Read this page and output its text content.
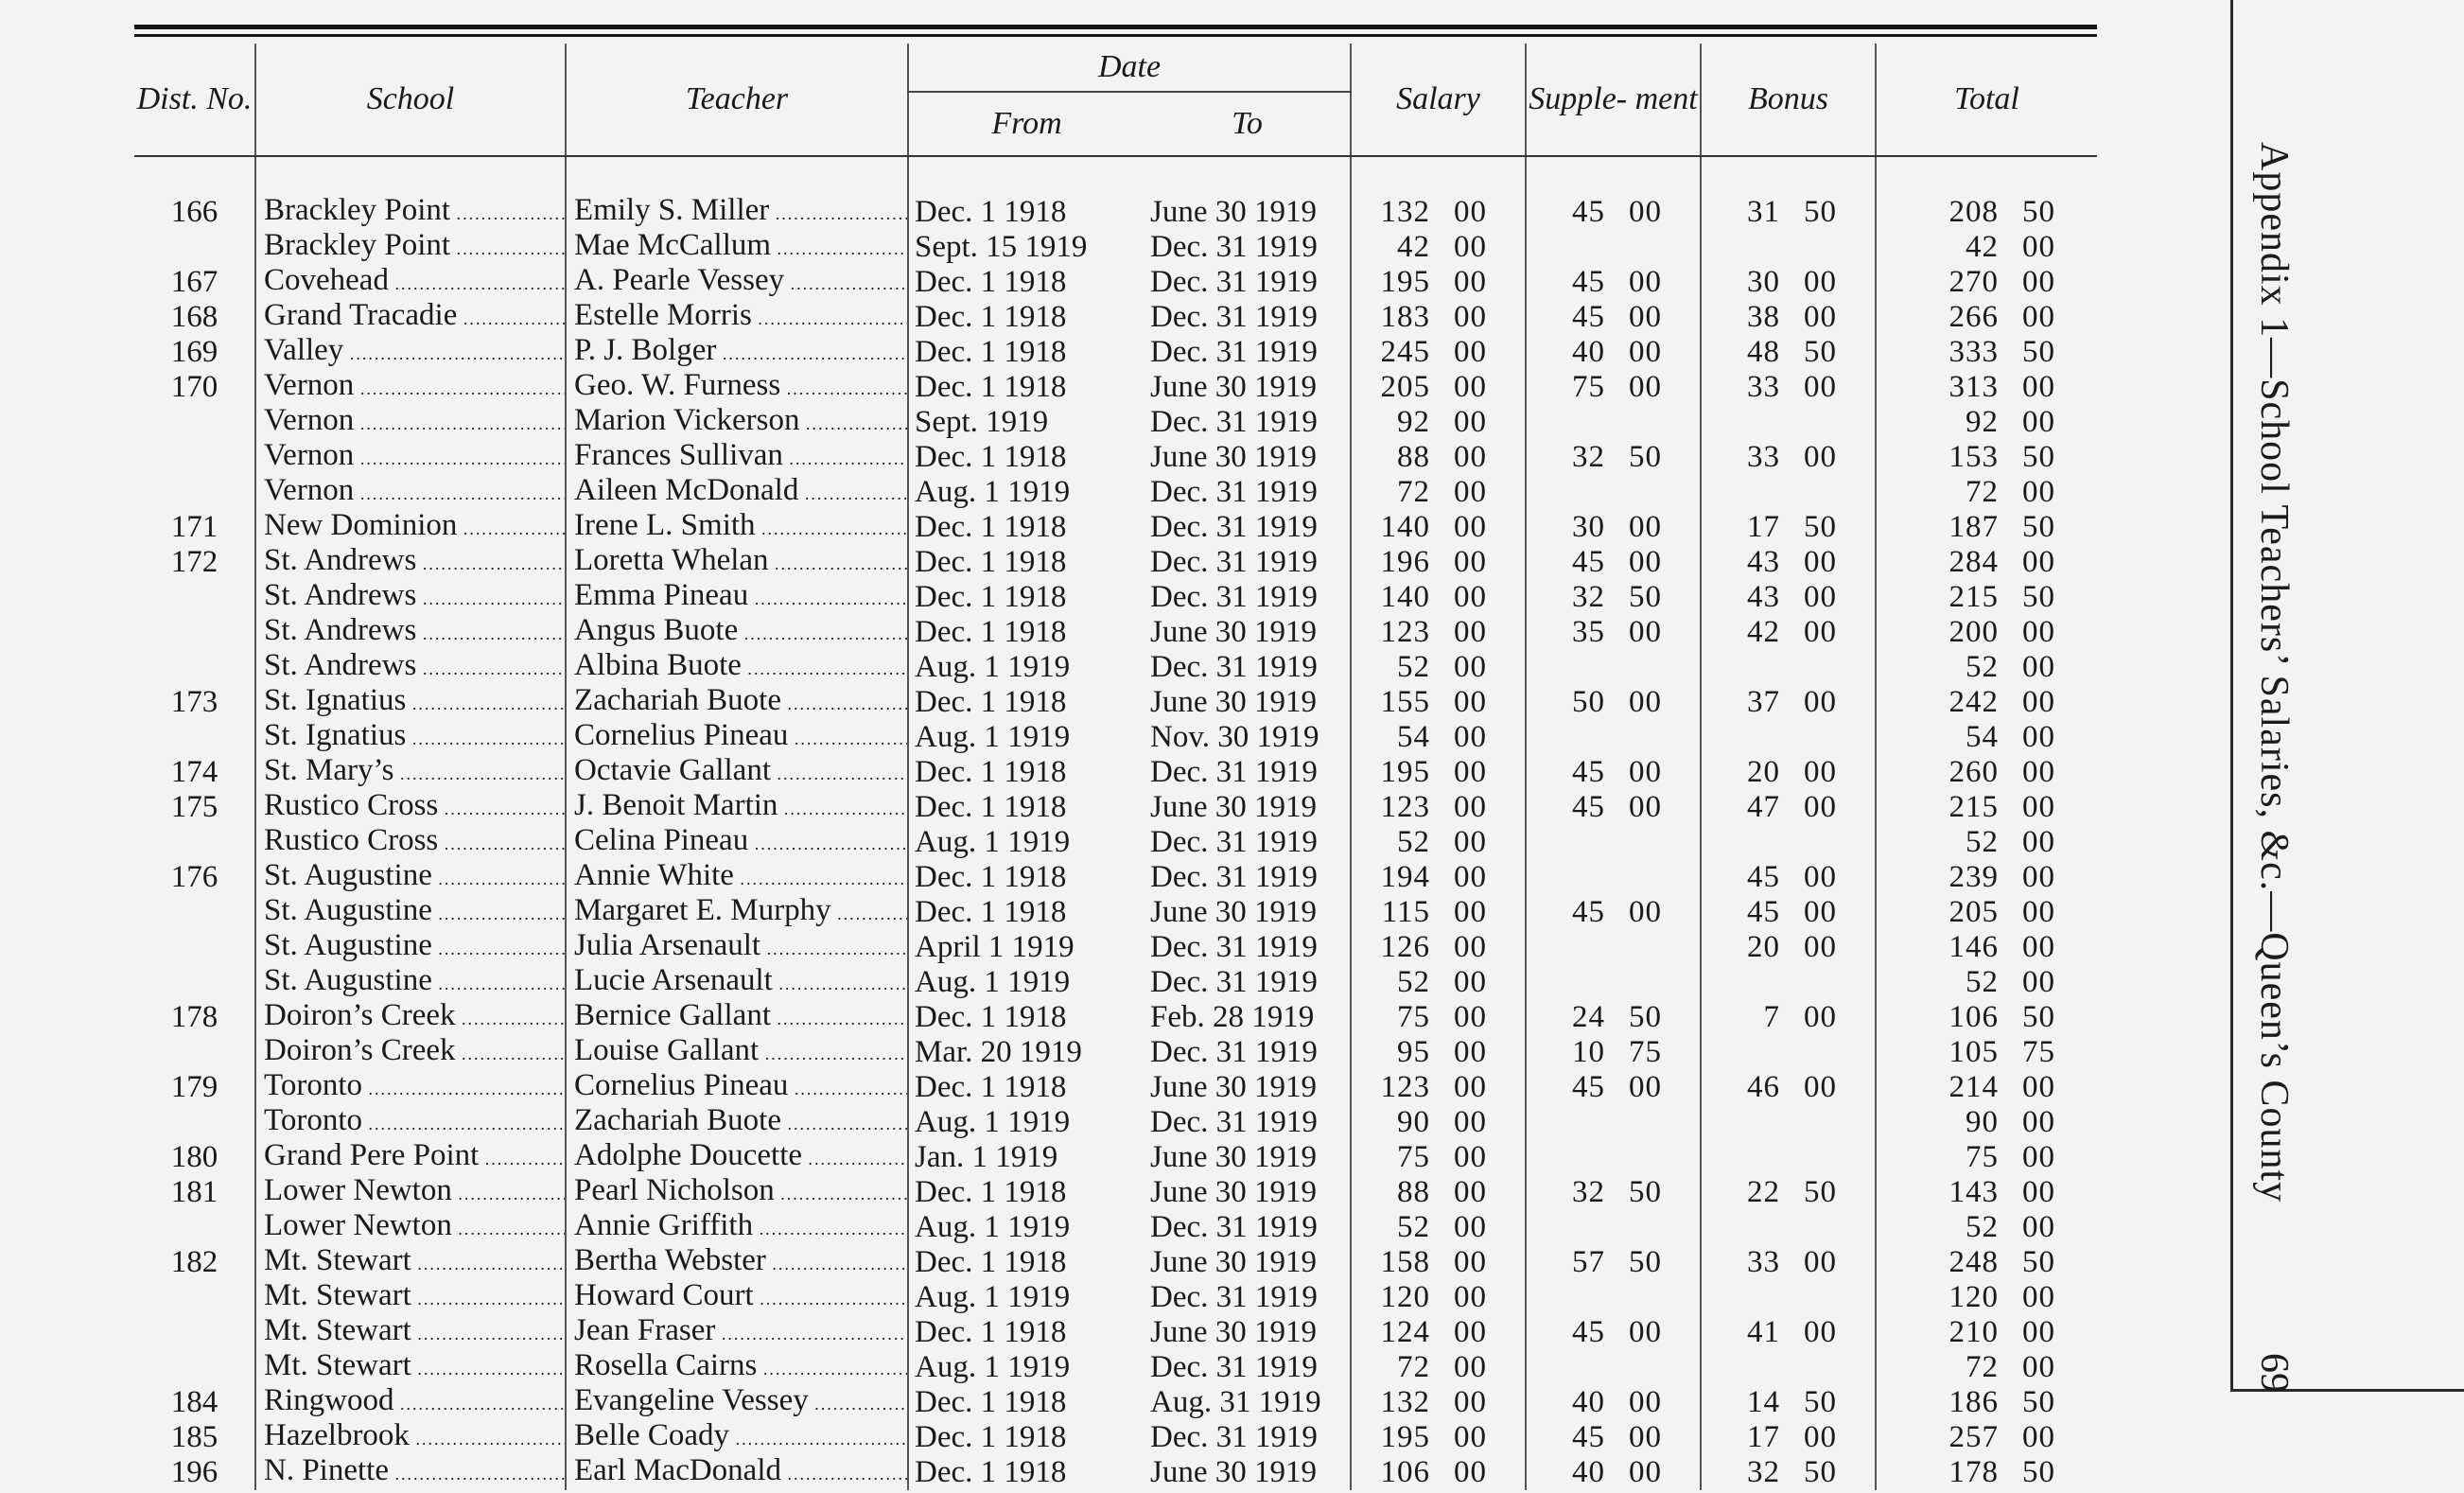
Dist. No.	School	Teacher	Date		Salary	Supple- ment	Bonus	Total
			From	To				

166	Brackley Point .....	Emily S. Miller .....	Dec. 1 1918	June 30 1919	132 00	45 00	31 50	208 50

	Brackley Point .....	Mae McCallum .....	Sept. 15 1919	Dec. 31 1919	42 00			42 00
167	Covehead .....	A. Pearle Vessey .....	Dec. 1 1918	Dec. 31 1919	195 00	45 00	30 00	270 00
168	Grand Tracadie .....	Estelle Morris .....	Dec. 1 1918	Dec. 31 1919	183 00	45 00	38 00	266 00
169	Valley .....	P. J. Bolger .....	Dec. 1 1918	Dec. 31 1919	245 00	40 00	48 50	333 50
170	Vernon .....	Geo. W. Furness .....	Dec. 1 1918	June 30 1919	205 00	75 00	33 00	313 00

	Vernon .....	Marion Vickerson .....	Sept. 1919	Dec. 31 1919	92 00			92 00

	Vernon .....	Frances Sullivan .....	Dec. 1 1918	June 30 1919	88 00	32 50	33 00	153 50

	Vernon .....	Aileen McDonald .....	Aug. 1 1919	Dec. 31 1919	72 00			72 00
171	New Dominion .....	Irene L. Smith .....	Dec. 1 1918	Dec. 31 1919	140 00	30 00	17 50	187 50
172	St. Andrews .....	Loretta Whelan .....	Dec. 1 1918	Dec. 31 1919	196 00	45 00	43 00	284 00

	St. Andrews .....	Emma Pineau .....	Dec. 1 1918	Dec. 31 1919	140 00	32 50	43 00	215 50

	St. Andrews .....	Angus Buote .....	Dec. 1 1918	June 30 1919	123 00	35 00	42 00	200 00

	St. Andrews .....	Albina Buote .....	Aug. 1 1919	Dec. 31 1919	52 00			52 00
173	St. Ignatius .....	Zachariah Buote .....	Dec. 1 1918	June 30 1919	155 00	50 00	37 00	242 00

	St. Ignatius .....	Cornelius Pineau .....	Aug. 1 1919	Nov. 30 1919	54 00			54 00
174	St. Mary’s .....	Octavie Gallant .....	Dec. 1 1918	Dec. 31 1919	195 00	45 00	20 00	260 00
175	Rustico Cross .....	J. Benoit Martin .....	Dec. 1 1918	June 30 1919	123 00	45 00	47 00	215 00

	Rustico Cross .....	Celina Pineau .....	Aug. 1 1919	Dec. 31 1919	52 00			52 00
176	St. Augustine .....	Annie White .....	Dec. 1 1918	Dec. 31 1919	194 00		45 00	239 00

	St. Augustine .....	Margaret E. Murphy .....	Dec. 1 1918	June 30 1919	115 00	45 00	45 00	205 00

	St. Augustine .....	Julia Arsenault .....	April 1 1919	Dec. 31 1919	126 00		20 00	146 00

	St. Augustine .....	Lucie Arsenault .....	Aug. 1 1919	Dec. 31 1919	52 00			52 00
178	Doiron’s Creek .....	Bernice Gallant .....	Dec. 1 1918	Feb. 28 1919	75 00	24 50	7 00	106 50

	Doiron’s Creek .....	Louise Gallant .....	Mar. 20 1919	Dec. 31 1919	95 00	10 75		105 75
179	Toronto .....	Cornelius Pineau .....	Dec. 1 1918	June 30 1919	123 00	45 00	46 00	214 00

	Toronto .....	Zachariah Buote .....	Aug. 1 1919	Dec. 31 1919	90 00			90 00
180	Grand Pere Point .....	Adolphe Doucette .....	Jan. 1 1919	June 30 1919	75 00			75 00
181	Lower Newton .....	Pearl Nicholson .....	Dec. 1 1918	June 30 1919	88 00	32 50	22 50	143 00

	Lower Newton .....	Annie Griffith .....	Aug. 1 1919	Dec. 31 1919	52 00			52 00
182	Mt. Stewart .....	Bertha Webster .....	Dec. 1 1918	June 30 1919	158 00	57 50	33 00	248 50

	Mt. Stewart .....	Howard Court .....	Aug. 1 1919	Dec. 31 1919	120 00			120 00

	Mt. Stewart .....	Jean Fraser .....	Dec. 1 1918	June 30 1919	124 00	45 00	41 00	210 00

	Mt. Stewart .....	Rosella Cairns .....	Aug. 1 1919	Dec. 31 1919	72 00			72 00
184	Ringwood .....	Evangeline Vessey .....	Dec. 1 1918	Aug. 31 1919	132 00	40 00	14 50	186 50
185	Hazelbrook .....	Belle Coady .....	Dec. 1 1918	Dec. 31 1919	195 00	45 00	17 00	257 00
196	N. Pinette .....	Earl MacDonald .....	Dec. 1 1918	June 30 1919	106 00	40 00	32 50	178 50
Appendix 1—School Teachers’ Salaries, &c.—Queen’s County
69
